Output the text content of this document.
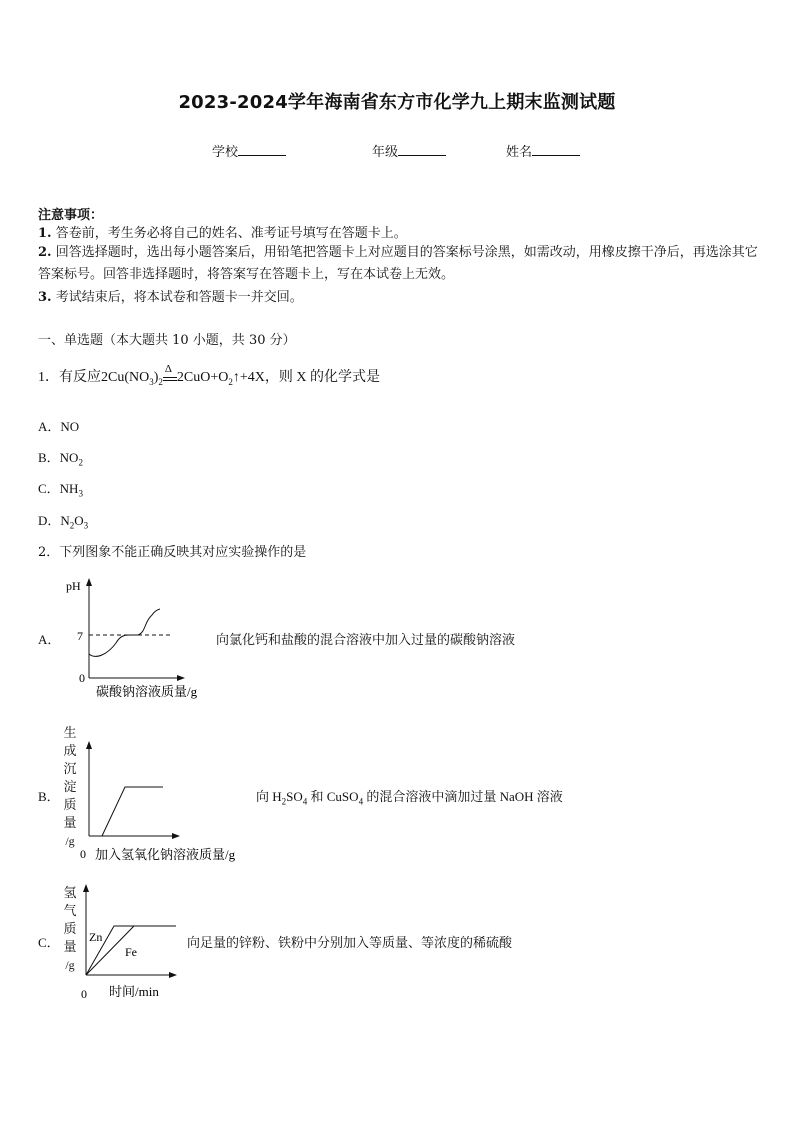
2023-2024学年海南省东方市化学九上期末监测试题
学校	年级	姓名
注意事项：
1. 答卷前，考生务必将自己的姓名、准考证号填写在答题卡上。
2. 回答选择题时，选出每小题答案后，用铅笔把答题卡上对应题目的答案标号涂黑，如需改动，用橡皮擦干净后，再选涂其它答案标号。回答非选择题时，将答案写在答题卡上，写在本试卷上无效。
3. 考试结束后，将本试卷和答题卡一并交回。
一、单选题（本大题共 10 小题，共 30 分）
1．有反应$2Cu(NO_3)_2$
Δ
$2CuO+O_2↑+4X$，则 X 的化学式是
A．NO
B．$NO_2$
C．$NH_3$
D．$N_2O_3$
2．下列图象不能正确反映其对应实验操作的是
A．
pH
7
0
碳酸钠溶液质量/g
向氯化钙和盐酸的混合溶液中加入过量的碳酸钠溶液
B．
生
成
沉
淀
质
量
/g
0 加入氢氧化钠溶液质量/g
向 $H_2SO_4$ 和 CuSO$_4$ 的混合溶液中滴加过量 NaOH 溶液
C．
氢
气
质
量
/g
Zn
Fe
0 时间/min
向足量的锌粉、铁粉中分别加入等质量、等浓度的稀硫酸
